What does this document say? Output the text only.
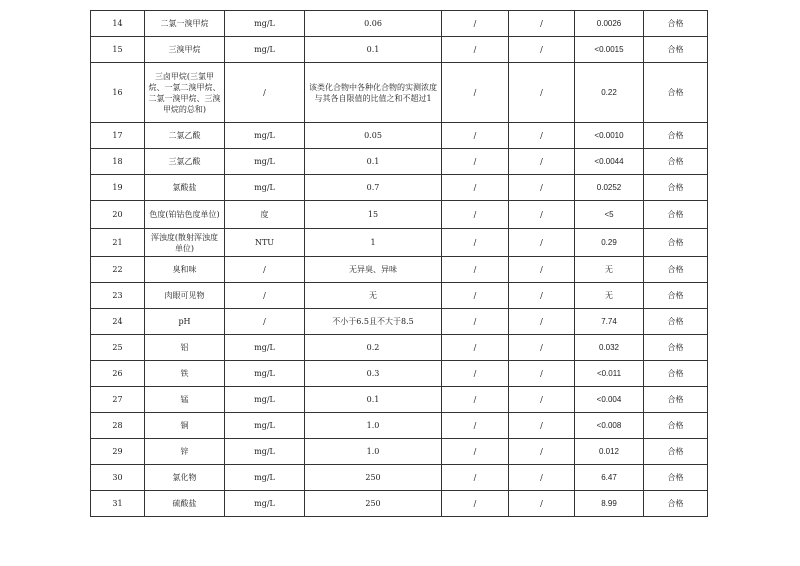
14	二氯一溴甲烷	mg/L	0.06	/	/	0.0026	合格
15	三溴甲烷	mg/L	0.1	/	/	<0.0015	合格
16	三卤甲烷(三氯甲烷、一氯二溴甲烷、二氯一溴甲烷、三溴甲烷的总和)	/	该类化合物中各种化合物的实测浓度与其各自限值的比值之和不超过1	/	/	0.22	合格
17	二氯乙酸	mg/L	0.05	/	/	<0.0010	合格
18	三氯乙酸	mg/L	0.1	/	/	<0.0044	合格
19	氯酸盐	mg/L	0.7	/	/	0.0252	合格
20	色度(铂钴色度单位)	度	15	/	/	<5	合格
21	浑浊度(散射浑浊度单位)	NTU	1	/	/	0.29	合格
22	臭和味	/	无异臭、异味	/	/	无	合格
23	肉眼可见物	/	无	/	/	无	合格
24	pH	/	不小于6.5且不大于8.5	/	/	7.74	合格
25	铝	mg/L	0.2	/	/	0.032	合格
26	铁	mg/L	0.3	/	/	<0.011	合格
27	锰	mg/L	0.1	/	/	<0.004	合格
28	铜	mg/L	1.0	/	/	<0.008	合格
29	锌	mg/L	1.0	/	/	0.012	合格
30	氯化物	mg/L	250	/	/	6.47	合格
31	硫酸盐	mg/L	250	/	/	8.99	合格
